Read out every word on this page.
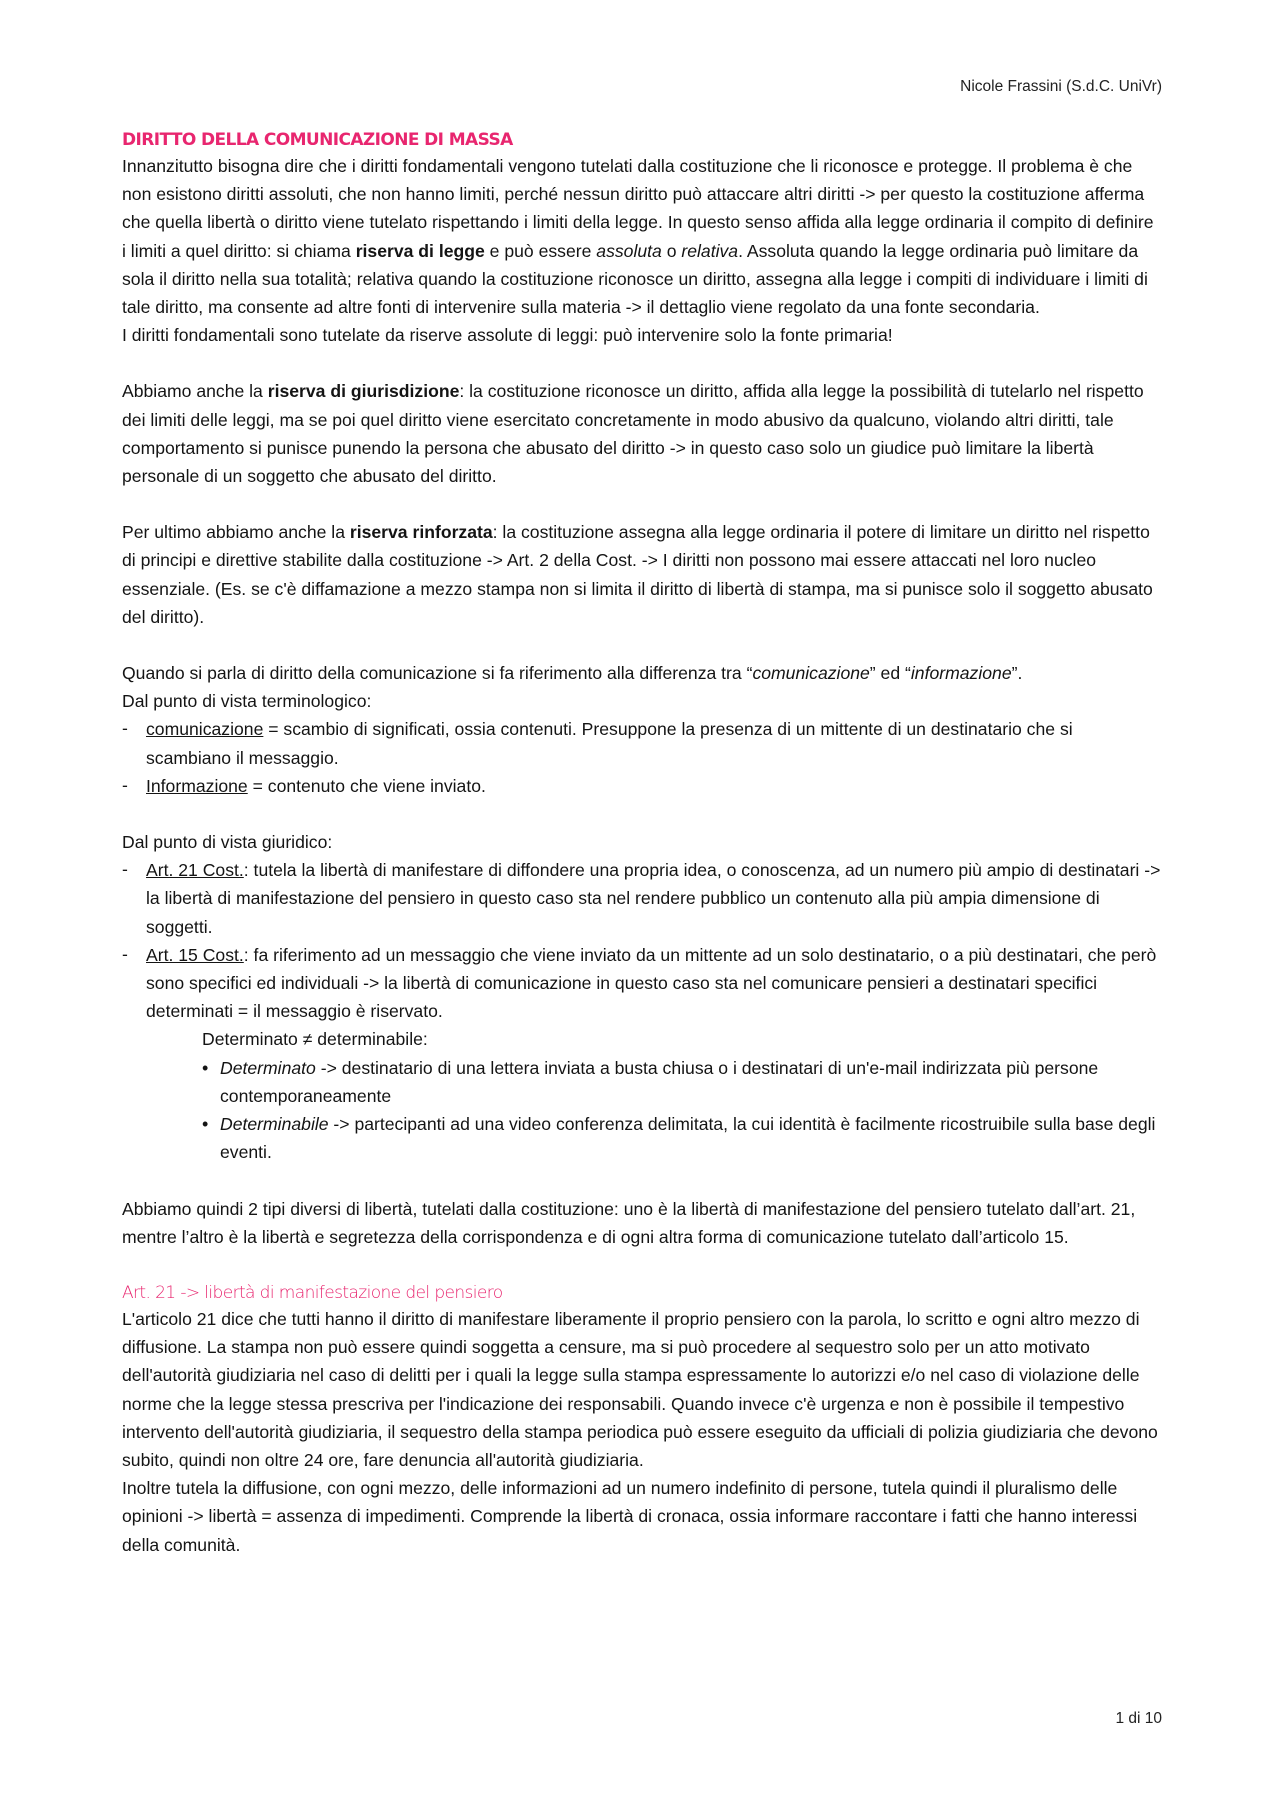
Nicole Frassini (S.d.C. UniVr)
DIRITTO DELLA COMUNICAZIONE DI MASSA

Innanzitutto bisogna dire che i diritti fondamentali vengono tutelati dalla costituzione che li riconosce e protegge. Il problema è che non esistono diritti assoluti, che non hanno limiti, perché nessun diritto può attaccare altri diritti -> per questo la costituzione afferma che quella libertà o diritto viene tutelato rispettando i limiti della legge. In questo senso affida alla legge ordinaria il compito di definire i limiti a quel diritto: si chiama riserva di legge e può essere assoluta o relativa. Assoluta quando la legge ordinaria può limitare da sola il diritto nella sua totalità; relativa quando la costituzione riconosce un diritto, assegna alla legge i compiti di individuare i limiti di tale diritto, ma consente ad altre fonti di intervenire sulla materia -> il dettaglio viene regolato da una fonte secondaria.

I diritti fondamentali sono tutelate da riserve assolute di leggi: può intervenire solo la fonte primaria!

Abbiamo anche la riserva di giurisdizione: la costituzione riconosce un diritto, affida alla legge la possibilità di tutelarlo nel rispetto dei limiti delle leggi, ma se poi quel diritto viene esercitato concretamente in modo abusivo da qualcuno, violando altri diritti, tale comportamento si punisce punendo la persona che abusato del diritto -> in questo caso solo un giudice può limitare la libertà personale di un soggetto che abusato del diritto.

Per ultimo abbiamo anche la riserva rinforzata: la costituzione assegna alla legge ordinaria il potere di limitare un diritto nel rispetto di principi e direttive stabilite dalla costituzione -> Art. 2 della Cost. -> I diritti non possono mai essere attaccati nel loro nucleo essenziale. (Es. se c'è diffamazione a mezzo stampa non si limita il diritto di libertà di stampa, ma si punisce solo il soggetto abusato del diritto).

Quando si parla di diritto della comunicazione si fa riferimento alla differenza tra “comunicazione” ed “informazione”.

Dal punto di vista terminologico:

- comunicazione = scambio di significati, ossia contenuti. Presuppone la presenza di un mittente di un destinatario che si scambiano il messaggio.
- Informazione = contenuto che viene inviato.

Dal punto di vista giuridico:

- Art. 21 Cost.: tutela la libertà di manifestare di diffondere una propria idea, o conoscenza, ad un numero più ampio di destinatari -> la libertà di manifestazione del pensiero in questo caso sta nel rendere pubblico un contenuto alla più ampia dimensione di soggetti.
- Art. 15 Cost.: fa riferimento ad un messaggio che viene inviato da un mittente ad un solo destinatario, o a più destinatari, che però sono specifici ed individuali -> la libertà di comunicazione in questo caso sta nel comunicare pensieri a destinatari specifici determinati = il messaggio è riservato.

Determinato ≠ determinabile:

• Determinato -> destinatario di una lettera inviata a busta chiusa o i destinatari di un'e-mail indirizzata più persone contemporaneamente
• Determinabile -> partecipanti ad una video conferenza delimitata, la cui identità è facilmente ricostruibile sulla base degli eventi.

Abbiamo quindi 2 tipi diversi di libertà, tutelati dalla costituzione: uno è la libertà di manifestazione del pensiero tutelato dall’art. 21, mentre l’altro è la libertà e segretezza della corrispondenza e di ogni altra forma di comunicazione tutelato dall’articolo 15.

Art. 21 -> libertà di manifestazione del pensiero

L'articolo 21 dice che tutti hanno il diritto di manifestare liberamente il proprio pensiero con la parola, lo scritto e ogni altro mezzo di diffusione. La stampa non può essere quindi soggetta a censure, ma si può procedere al sequestro solo per un atto motivato dell'autorità giudiziaria nel caso di delitti per i quali la legge sulla stampa espressamente lo autorizzi e/o nel caso di violazione delle norme che la legge stessa prescriva per l'indicazione dei responsabili. Quando invece c'è urgenza e non è possibile il tempestivo intervento dell'autorità giudiziaria, il sequestro della stampa periodica può essere eseguito da ufficiali di polizia giudiziaria che devono subito, quindi non oltre 24 ore, fare denuncia all'autorità giudiziaria.

Inoltre tutela la diffusione, con ogni mezzo, delle informazioni ad un numero indefinito di persone, tutela quindi il pluralismo delle opinioni -> libertà = assenza di impedimenti. Comprende la libertà di cronaca, ossia informare raccontare i fatti che hanno interessi della comunità.

1 di 10
